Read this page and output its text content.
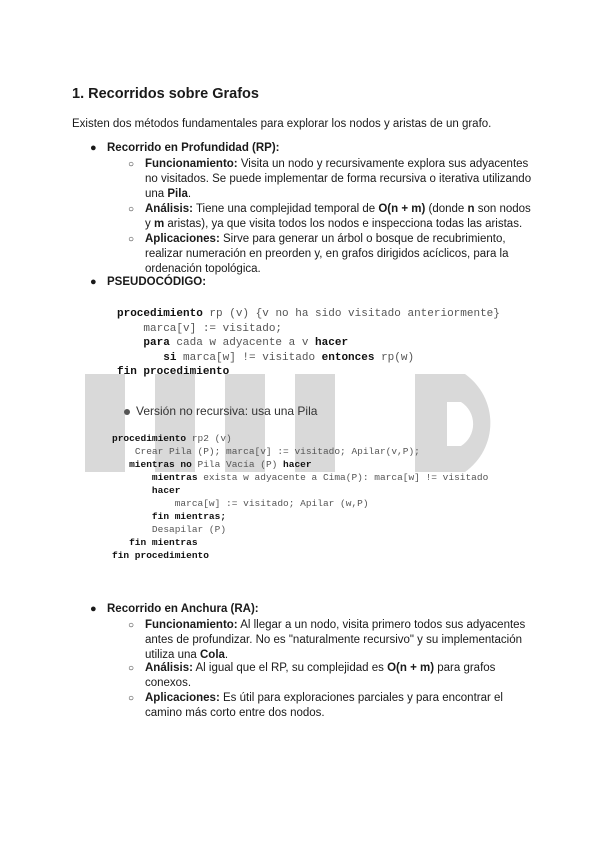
1. Recorridos sobre Grafos
Existen dos métodos fundamentales para explorar los nodos y aristas de un grafo.
● Recorrido en Profundidad (RP):
○ Funcionamiento: Visita un nodo y recursivamente explora sus adyacentes no visitados. Se puede implementar de forma recursiva o iterativa utilizando una Pila.
○ Análisis: Tiene una complejidad temporal de O(n + m) (donde n son nodos y m aristas), ya que visita todos los nodos e inspecciona todas las aristas.
○ Aplicaciones: Sirve para generar un árbol o bosque de recubrimiento, realizar numeración en preorden y, en grafos dirigidos acíclicos, para la ordenación topológica.
● PSEUDOCÓDIGO:
procedimiento rp (v) {v no ha sido visitado anteriormente}
marca[v] := visitado;
para cada w adyacente a v hacer
si marca[w] != visitado entonces rp(w)
fin procedimiento
Versión no recursiva: usa una Pila
procedimiento rp2 (v)
Crear Pila (P); marca[v] := visitado; Apilar(v,P);
mientras no Pila Vacía (P) hacer
mientras exista w adyacente a Cima(P): marca[w] != visitado
hacer
marca[w] := visitado; Apilar (w,P)
fin mientras;
Desapilar (P)
fin mientras
fin procedimiento
● Recorrido en Anchura (RA):
○ Funcionamiento: Al llegar a un nodo, visita primero todos sus adyacentes antes de profundizar. No es "naturalmente recursivo" y su implementación utiliza una Cola.
○ Análisis: Al igual que el RP, su complejidad es O(n + m) para grafos conexos.
○ Aplicaciones: Es útil para exploraciones parciales y para encontrar el camino más corto entre dos nodos.
